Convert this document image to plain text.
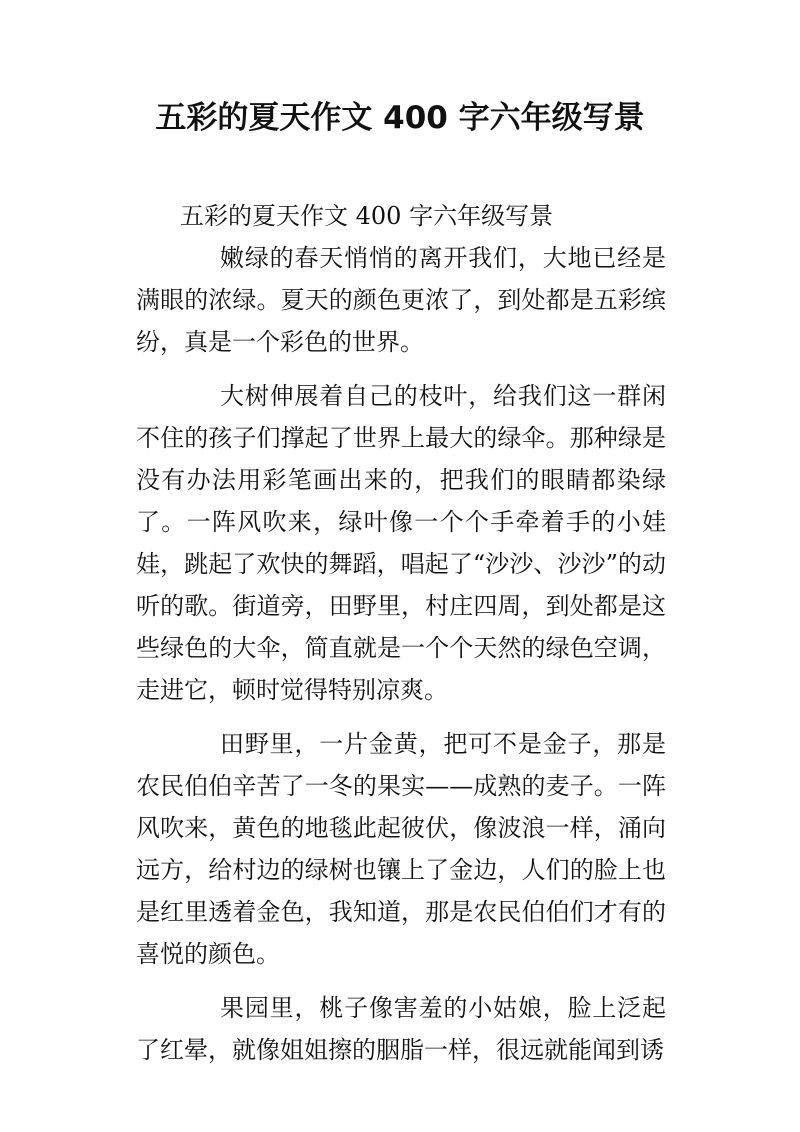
五彩的夏天作文 400 字六年级写景

五彩的夏天作文 400 字六年级写景

嫩绿的春天悄悄的离开我们，大地已经是满眼的浓绿。夏天的颜色更浓了，到处都是五彩缤纷，真是一个彩色的世界。

大树伸展着自己的枝叶，给我们这一群闲不住的孩子们撑起了世界上最大的绿伞。那种绿是没有办法用彩笔画出来的，把我们的眼睛都染绿了。一阵风吹来，绿叶像一个个手牵着手的小娃娃，跳起了欢快的舞蹈，唱起了“沙沙、沙沙”的动听的歌。街道旁，田野里，村庄四周，到处都是这些绿色的大伞，简直就是一个个天然的绿色空调，走进它，顿时觉得特别凉爽。

田野里，一片金黄，把可不是金子，那是农民伯伯辛苦了一冬的果实——成熟的麦子。一阵风吹来，黄色的地毯此起彼伏，像波浪一样，涌向远方，给村边的绿树也镶上了金边，人们的脸上也是红里透着金色，我知道，那是农民伯伯们才有的喜悦的颜色。

果园里，桃子像害羞的小姑娘，脸上泛起了红晕，就像姐姐擦的胭脂一样，很远就能闻到诱
